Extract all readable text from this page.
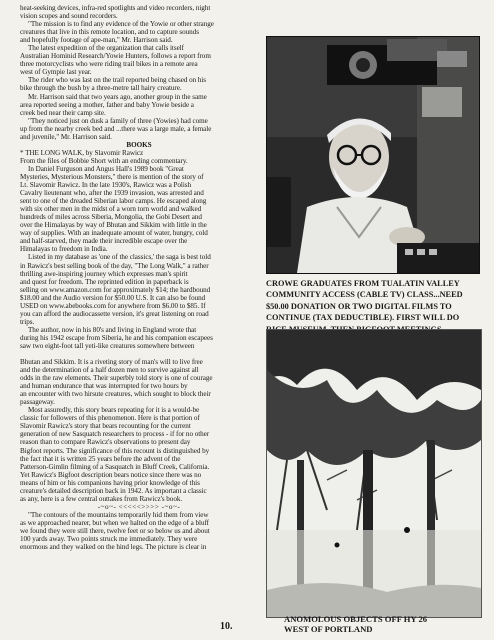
heat-seeking devices, infra-red spotlights and video recorders, night

vision scopes and sound recorders.

"The mission is to find any evidence of the Yowie or other strange

creatures that live in this remote location, and to capture sounds

and hopefully footage of ape-man," Mr. Harrison said.

The latest expedition of the organization that calls itself

Australian Hominid Research/Yowie Hunters, follows a report from

three motorcyclists who were riding trail bikes in a remote area

west of Gympie last year.

The rider who was last on the trail reported being chased on his

bike through the bush by a three-metre tall hairy creature.

Mr. Harrison said that two years ago, another group in the same

area reported seeing a mother, father and baby Yowie beside a

creek bed near their camp site.

"They noticed just on dusk a family of three (Yowies) had come

up from the nearby creek bed and ...there was a large male, a female

and juvenile," Mr. Harrison said.

BOOKS

* THE LONG WALK, by Slavomir Rawicz

From the files of Bobbie Short with an ending commentary.

In Daniel Furguson and Angus Hall's 1989 book "Great

Mysteries, Mysterious Monsters," there is mention of the story of

Lt. Slavomir Rawicz. In the late 1930's, Rawicz was a Polish

Cavalry lieutenant who, after the 1939 invasion, was arrested and

sent to one of the dreaded Siberian labor camps. He escaped along

with six other men in the midst of a worn torn world and walked

hundreds of miles across Siberia, Mongolia, the Gobi Desert and

over the Himalayas by way of Bhutan and Sikkim with little in the

way of supplies. With an inadequate amount of water, hungry, cold

and half-starved, they made their incredible escape over the

Himalayas to freedom in India.

Listed in my database as 'one of the classics,' the saga is best told

in Rawicz's best selling book of the day, "The Long Walk," a rather

thrilling awe-inspiring journey which expresses man's spirit

and quest for freedom. The reprinted edition in paperback is

selling on www.amazon.com for approximately $14; the hardbound

$18.00 and the Audio version for $50.00 U.S. It can also be found

USED on www.abebooks.com for anywhere from $6.00 to $85. If

you can afford the audiocassette version, it's great listening on road

trips.

The author, now in his 80's and living in England wrote that

during his 1942 escape from Siberia, he and his companion escapees

saw two eight-foot tall yeti-like creatures somewhere between

Bhutan and Sikkim. It is a riveting story of man's will to live free

and the determination of a half dozen men to survive against all

odds in the raw elements. Their superbly told story is one of courage

and human endurance that was interrupted for two hours by

an encounter with two hirsute creatures, which sought to block their

passageway.

Most assuredly, this story bears repeating for it is a would-be

classic for followers of this phenomenon. Here is that portion of

Slavomir Rawicz's story that bears recounting for the current

generation of new Sasquatch researchers to process - if for no other

reason than to compare Rawicz's observations to present day

Bigfoot reports. The significance of this recount is distinguished by

the fact that it is written 25 years before the advent of the

Patterson-Gimlin filming of a Sasquatch in Bluff Creek, California.

Yet Rawicz's Bigfoot description bears notice since there was no

means of him or his companions having prior knowledge of this

creature's detailed description back in 1942. As important a classic

as any, here is a few central outtakes from Rawicz's book.

-~o~- <<<<<>>>> -~o~-

"The contours of the mountains temporarily hid them from view

as we approached nearer, but when we halted on the edge of a bluff

we found they were still there, twelve feet or so below us and about

100 yards away. Two points struck me immediately. They were

enormous and they walked on the hind legs. The picture is clear in

CROWE GRADUATES FROM TUALATIN VALLEY
COMMUNITY ACCESS (CABLE TV) CLASS...NEED
$50.00 DONATION OR TWO DIGITAL FILMS TO
CONTINUE (TAX DEDUCTIBLE). FIRST WILL DO
ANOMOLOUS OBJECTS OFF HY 26
WEST OF PORTLAND
10.
